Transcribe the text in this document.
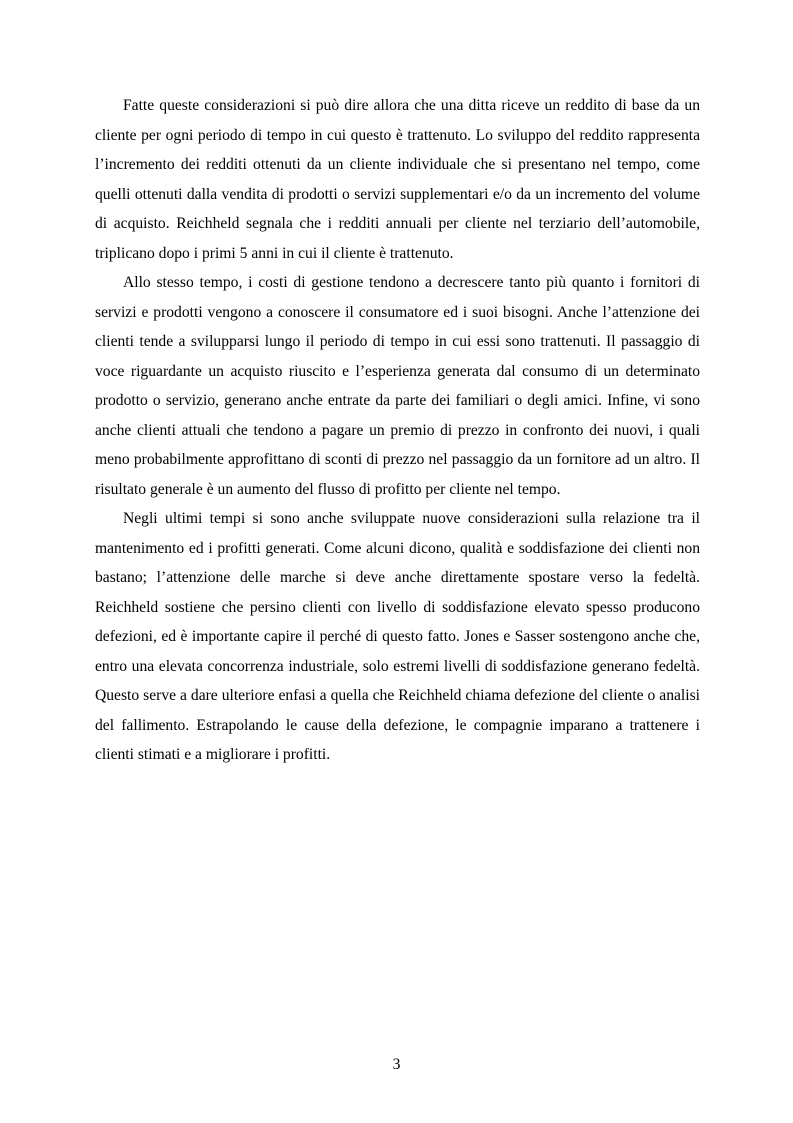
Fatte queste considerazioni si può dire allora che una ditta riceve un reddito di base da un cliente per ogni periodo di tempo in cui questo è trattenuto. Lo sviluppo del reddito rappresenta l’incremento dei redditi ottenuti da un cliente individuale che si presentano nel tempo, come quelli ottenuti dalla vendita di prodotti o servizi supplementari e/o da un incremento del volume di acquisto. Reichheld segnala che i redditi annuali per cliente nel terziario dell’automobile, triplicano dopo i primi 5 anni in cui il cliente è trattenuto.

Allo stesso tempo, i costi di gestione tendono a decrescere tanto più quanto i fornitori di servizi e prodotti vengono a conoscere il consumatore ed i suoi bisogni. Anche l’attenzione dei clienti tende a svilupparsi lungo il periodo di tempo in cui essi sono trattenuti. Il passaggio di voce riguardante un acquisto riuscito e l’esperienza generata dal consumo di un determinato prodotto o servizio, generano anche entrate da parte dei familiari o degli amici. Infine, vi sono anche clienti attuali che tendono a pagare un premio di prezzo in confronto dei nuovi, i quali meno probabilmente approfittano di sconti di prezzo nel passaggio da un fornitore ad un altro. Il risultato generale è un aumento del flusso di profitto per cliente nel tempo.

Negli ultimi tempi si sono anche sviluppate nuove considerazioni sulla relazione tra il mantenimento ed i profitti generati. Come alcuni dicono, qualità e soddisfazione dei clienti non bastano; l’attenzione delle marche si deve anche direttamente spostare verso la fedeltà. Reichheld sostiene che persino clienti con livello di soddisfazione elevato spesso producono defezioni, ed è importante capire il perché di questo fatto. Jones e Sasser sostengono anche che, entro una elevata concorrenza industriale, solo estremi livelli di soddisfazione generano fedeltà. Questo serve a dare ulteriore enfasi a quella che Reichheld chiama defezione del cliente o analisi del fallimento. Estrapolando le cause della defezione, le compagnie imparano a trattenere i clienti stimati e a migliorare i profitti.

3
